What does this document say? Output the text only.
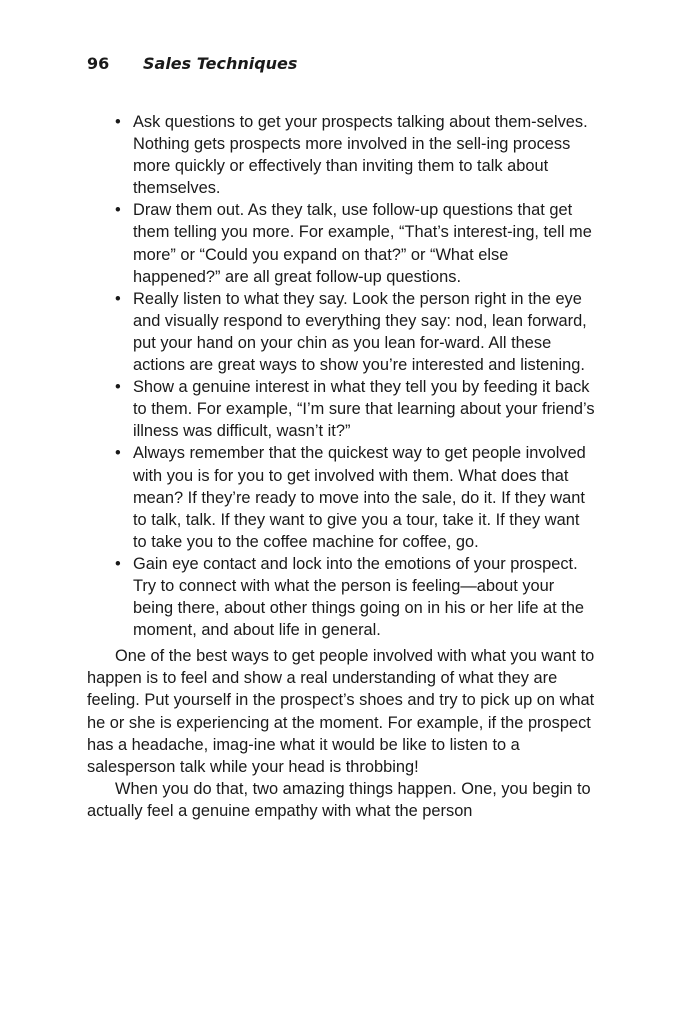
96 Sales Techniques
• Ask questions to get your prospects talking about them-selves. Nothing gets prospects more involved in the sell-ing process more quickly or effectively than inviting them to talk about themselves.
• Draw them out. As they talk, use follow-up questions that get them telling you more. For example, “That’s interest-ing, tell me more” or “Could you expand on that?” or “What else happened?” are all great follow-up questions.
• Really listen to what they say. Look the person right in the eye and visually respond to everything they say: nod, lean forward, put your hand on your chin as you lean for-ward. All these actions are great ways to show you’re interested and listening.
• Show a genuine interest in what they tell you by feeding it back to them. For example, “I’m sure that learning about your friend’s illness was difficult, wasn’t it?”
• Always remember that the quickest way to get people involved with you is for you to get involved with them. What does that mean? If they’re ready to move into the sale, do it. If they want to talk, talk. If they want to give you a tour, take it. If they want to take you to the coffee machine for coffee, go.
• Gain eye contact and lock into the emotions of your prospect. Try to connect with what the person is feeling—about your being there, about other things going on in his or her life at the moment, and about life in general.

One of the best ways to get people involved with what you want to happen is to feel and show a real understanding of what they are feeling. Put yourself in the prospect’s shoes and try to pick up on what he or she is experiencing at the moment. For example, if the prospect has a headache, imag-ine what it would be like to listen to a salesperson talk while your head is throbbing!

When you do that, two amazing things happen. One, you begin to actually feel a genuine empathy with what the person
